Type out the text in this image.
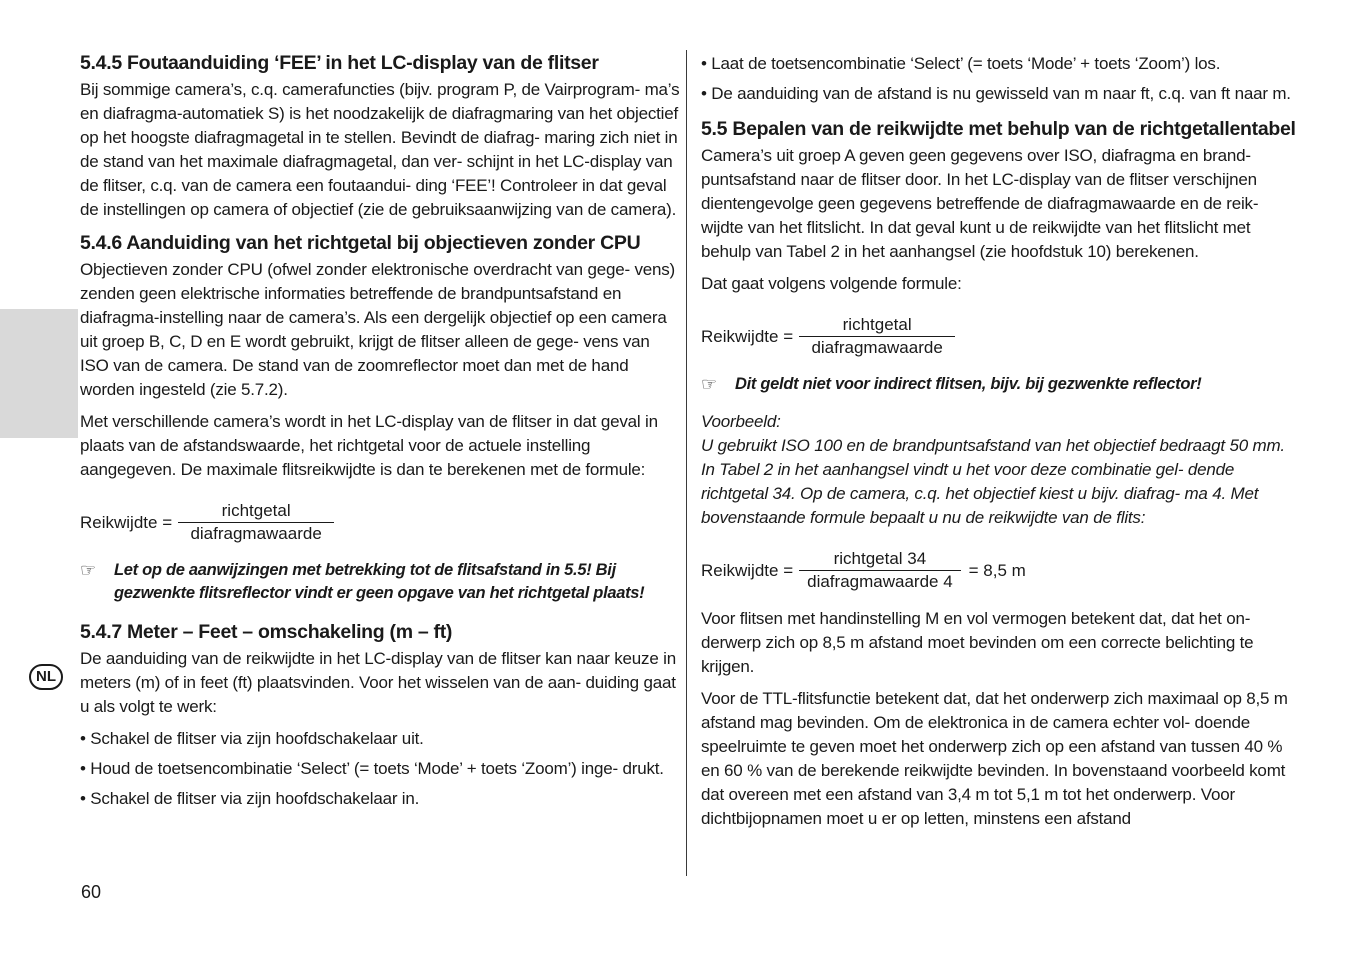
NL
5.4.5 Foutaanduiding ‘FEE’ in het LC-display van de flitser

Bij sommige camera’s, c.q. camerafuncties (bijv. program P, de Vairprogram- ma’s en diafragma-automatiek S) is het noodzakelijk de diafragmaring van het objectief op het hoogste diafragmagetal in te stellen. Bevindt de diafrag- maring zich niet in de stand van het maximale diafragmagetal, dan ver- schijnt in het LC-display van de flitser, c.q. van de camera een foutaandui- ding ‘FEE’! Controleer in dat geval de instellingen op camera of objectief (zie de gebruiksaanwijzing van de camera).

5.4.6 Aanduiding van het richtgetal bij objectieven zonder CPU

Objectieven zonder CPU (ofwel zonder elektronische overdracht van gege- vens) zenden geen elektrische informaties betreffende de brandpuntsafstand en diafragma-instelling naar de camera’s. Als een dergelijk objectief op een camera uit groep B, C, D en E wordt gebruikt, krijgt de flitser alleen de gege- vens van ISO van de camera. De stand van de zoomreflector moet dan met de hand worden ingesteld (zie 5.7.2).

Met verschillende camera’s wordt in het LC-display van de flitser in dat geval in plaats van de afstandswaarde, het richtgetal voor de actuele instelling aangegeven. De maximale flitsreikwijdte is dan te berekenen met de formule:

Reikwijdte = $\frac{\text{richtgetal}}{\text{diafragmawaarde}}$
☞	Let op de aanwijzingen met betrekking tot de flitsafstand in 5.5! Bij gezwenkte flitsreflector vindt er geen opgave van het richtgetal plaats!
5.4.7 Meter – Feet – omschakeling (m – ft)

De aanduiding van de reikwijdte in het LC-display van de flitser kan naar keuze in meters (m) of in feet (ft) plaatsvinden. Voor het wisselen van de aan- duiding gaat u als volgt te werk:

• Schakel de flitser via zijn hoofdschakelaar uit.
• Houd de toetsencombinatie ‘Select’ (= toets ‘Mode’ + toets ‘Zoom’) inge- drukt.
• Schakel de flitser via zijn hoofdschakelaar in.
• Laat de toetsencombinatie ‘Select’ (= toets ‘Mode’ + toets ‘Zoom’) los.
• De aanduiding van de afstand is nu gewisseld van m naar ft, c.q. van ft naar m.
5.5 Bepalen van de reikwijdte met behulp van de richtgetallentabel

Camera’s uit groep A geven geen gegevens over ISO, diafragma en brand- puntsafstand naar de flitser door. In het LC-display van de flitser verschijnen dientengevolge geen gegevens betreffende de diafragmawaarde en de reik- wijdte van het flitslicht. In dat geval kunt u de reikwijdte van het flitslicht met behulp van Tabel 2 in het aanhangsel (zie hoofdstuk 10) berekenen.

Dat gaat volgens volgende formule:

Reikwijdte = $\frac{\text{richtgetal}}{\text{diafragmawaarde}}$
☞	Dit geldt niet voor indirect flitsen, bijv. bij gezwenkte reflector!

Voorbeeld:

U gebruikt ISO 100 en de brandpuntsafstand van het objectief bedraagt 50 mm. In Tabel 2 in het aanhangsel vindt u het voor deze combinatie gel- dende richtgetal 34. Op de camera, c.q. het objectief kiest u bijv. diafrag- ma 4. Met bovenstaande formule bepaalt u nu de reikwijdte van de flits:

Reikwijdte = $\frac{\text{richtgetal 34}}{\text{diafragmawaarde 4}} = 8,5$ m

Voor flitsen met handinstelling M en vol vermogen betekent dat, dat het on- derwerp zich op 8,5 m afstand moet bevinden om een correcte belichting te krijgen.

Voor de TTL-flitsfunctie betekent dat, dat het onderwerp zich maximaal op 8,5 m afstand mag bevinden. Om de elektronica in de camera echter vol- doende speelruimte te geven moet het onderwerp zich op een afstand van tussen 40 % en 60 % van de berekende reikwijdte bevinden. In bovenstaand voorbeeld komt dat overeen met een afstand van 3,4 m tot 5,1 m tot het onderwerp. Voor dichtbijopnamen moet u er op letten, minstens een afstand

60
